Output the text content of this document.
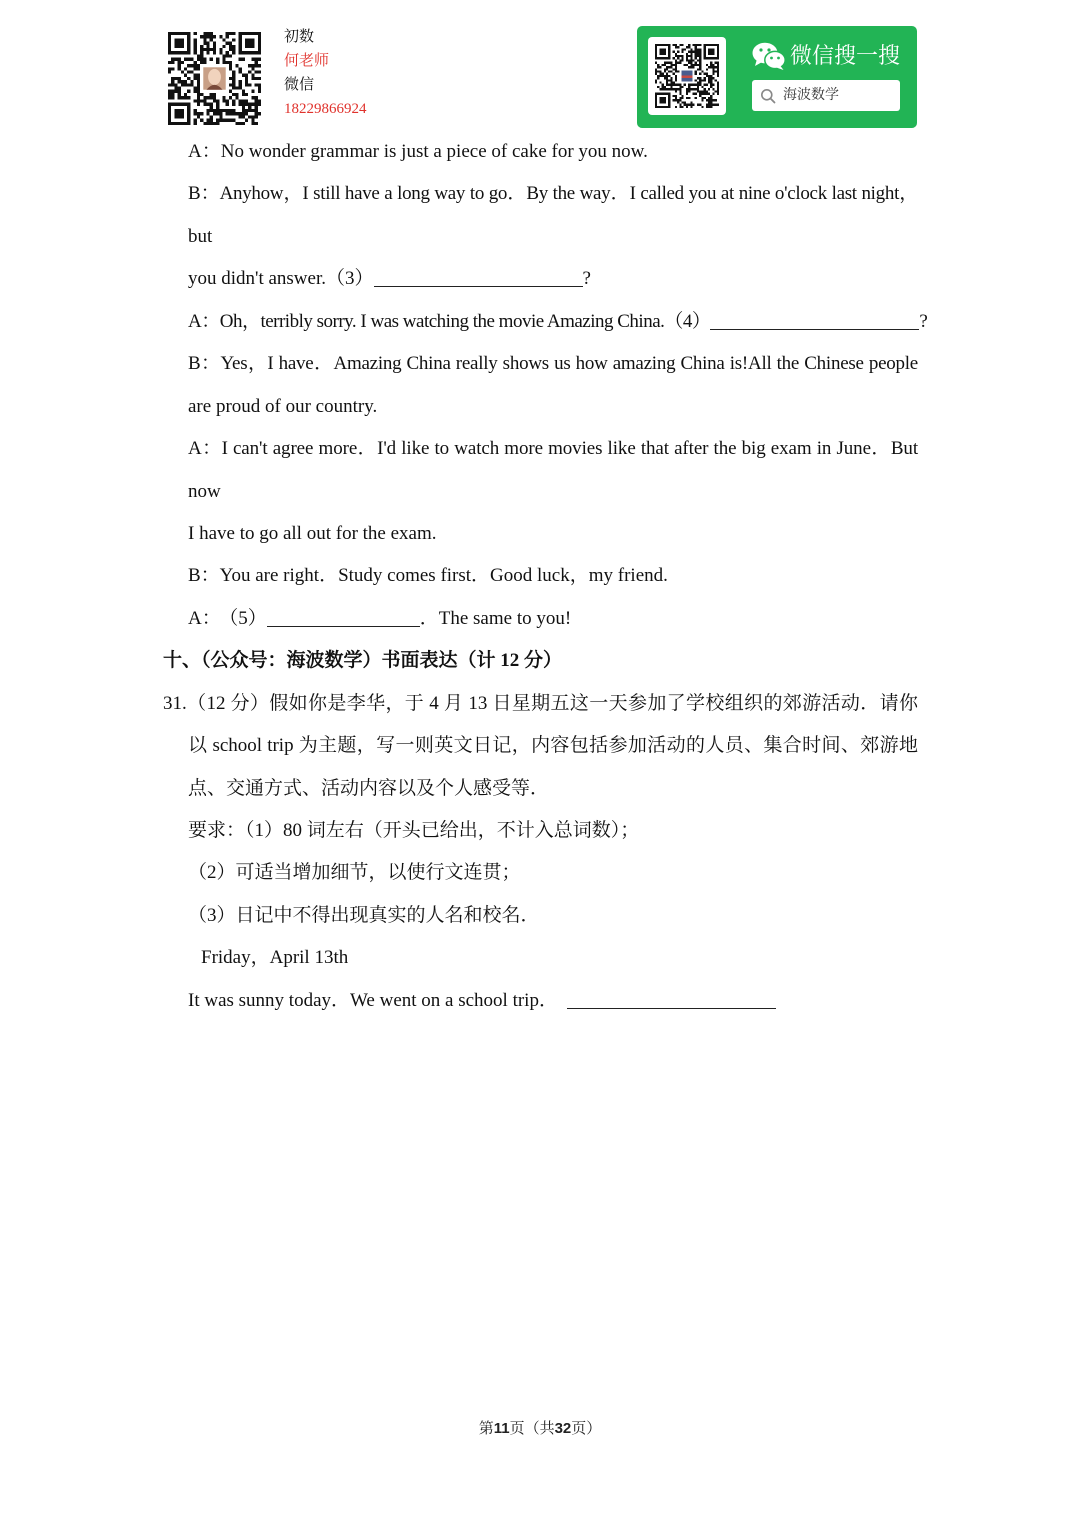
初数
何老师
微信
18229866924
微信搜一搜
海波数学
A：No wonder grammar is just a piece of cake for you now.
B：Anyhow，I still have a long way to go．By the way．I called you at nine o'clock last night，
but
you didn't answer.（3）	?
A：Oh，terribly sorry. I was watching the movie Amazing China.（4）	?
B：Yes，I have．Amazing China really shows us how amazing China is!All the Chinese people
are proud of our country.
A：I can't agree more．I'd like to watch more movies like that after the big exam in June．But
now
I have to go all out for the exam.
B：You are right．Study comes first．Good luck，my friend.
A： （5）	．The same to you!
十、（公众号：海波数学）书面表达（计 12 分）
31.（12 分）假如你是李华，于 4 月 13 日星期五这一天参加了学校组织的郊游活动．请你
以 school trip 为主题，写一则英文日记，内容包括参加活动的人员、集合时间、郊游地
点、交通方式、活动内容以及个人感受等．
要求：（1）80 词左右（开头已给出，不计入总词数）；
（2）可适当增加细节，以使行文连贯；
（3）日记中不得出现真实的人名和校名．
Friday，April 13th
It was sunny today．We went on a school trip．
第11页（共32页）
